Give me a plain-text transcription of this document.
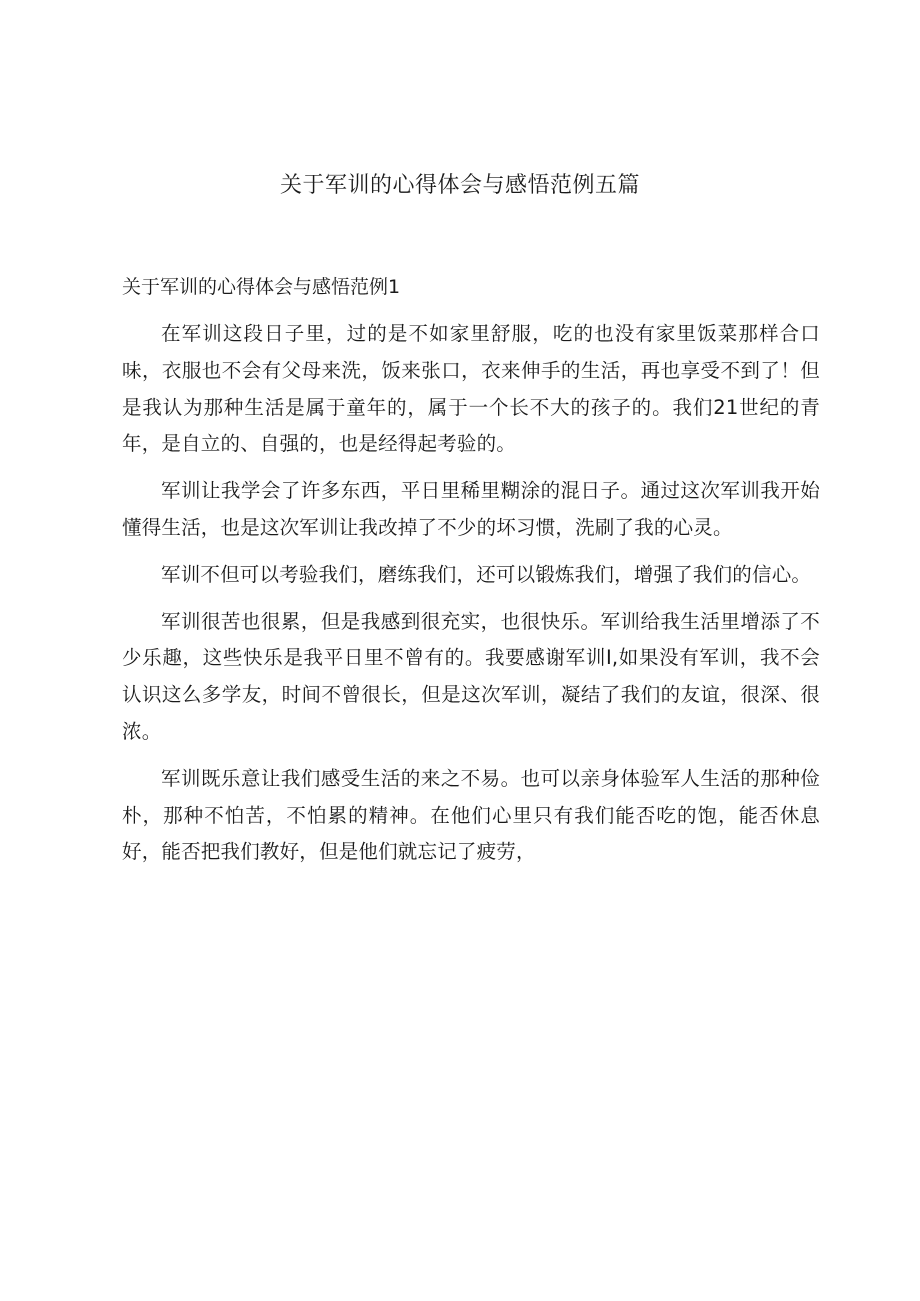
关于军训的心得体会与感悟范例五篇
关于军训的心得体会与感悟范例1

在军训这段日子里，过的是不如家里舒服，吃的也没有家里饭菜那样合口味，衣服也不会有父母来洗，饭来张口，衣来伸手的生活，再也享受不到了！但是我认为那种生活是属于童年的，属于一个长不大的孩子的。我们21世纪的青年，是自立的、自强的，也是经得起考验的。

军训让我学会了许多东西，平日里稀里糊涂的混日子。通过这次军训我开始懂得生活，也是这次军训让我改掉了不少的坏习惯，洗刷了我的心灵。

军训不但可以考验我们，磨练我们，还可以锻炼我们，增强了我们的信心。

军训很苦也很累，但是我感到很充实，也很快乐。军训给我生活里增添了不少乐趣，这些快乐是我平日里不曾有的。我要感谢军训I,如果没有军训，我不会认识这么多学友，时间不曾很长，但是这次军训，凝结了我们的友谊，很深、很浓。

军训既乐意让我们感受生活的来之不易。也可以亲身体验军人生活的那种俭朴，那种不怕苦，不怕累的精神。在他们心里只有我们能否吃的饱，能否休息好，能否把我们教好，但是他们就忘记了疲劳，
